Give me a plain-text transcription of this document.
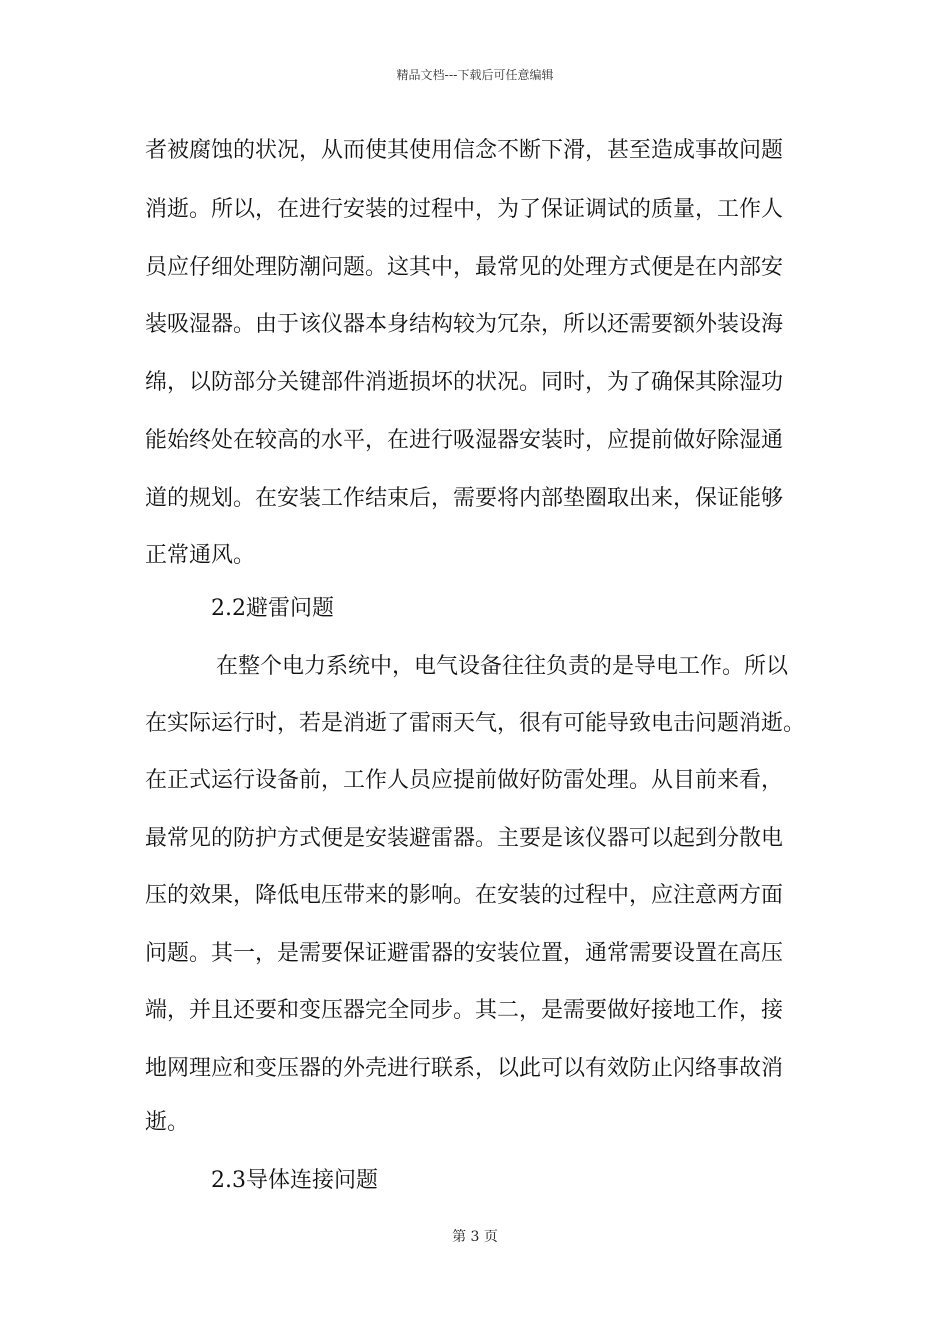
精品文档---下载后可任意编辑
者被腐蚀的状况，从而使其使用信念不断下滑，甚至造成事故问题
消逝。所以，在进行安装的过程中，为了保证调试的质量，工作人
员应仔细处理防潮问题。这其中，最常见的处理方式便是在内部安
装吸湿器。由于该仪器本身结构较为冗杂，所以还需要额外装设海
绵，以防部分关键部件消逝损坏的状况。同时，为了确保其除湿功
能始终处在较高的水平，在进行吸湿器安装时，应提前做好除湿通
道的规划。在安装工作结束后，需要将内部垫圈取出来，保证能够
正常通风。
2.2避雷问题
在整个电力系统中，电气设备往往负责的是导电工作。所以
在实际运行时，若是消逝了雷雨天气，很有可能导致电击问题消逝。
在正式运行设备前，工作人员应提前做好防雷处理。从目前来看，
最常见的防护方式便是安装避雷器。主要是该仪器可以起到分散电
压的效果，降低电压带来的影响。在安装的过程中，应注意两方面
问题。其一，是需要保证避雷器的安装位置，通常需要设置在高压
端，并且还要和变压器完全同步。其二，是需要做好接地工作，接
地网理应和变压器的外壳进行联系，以此可以有效防止闪络事故消
逝。
2.3导体连接问题
第 3 页
